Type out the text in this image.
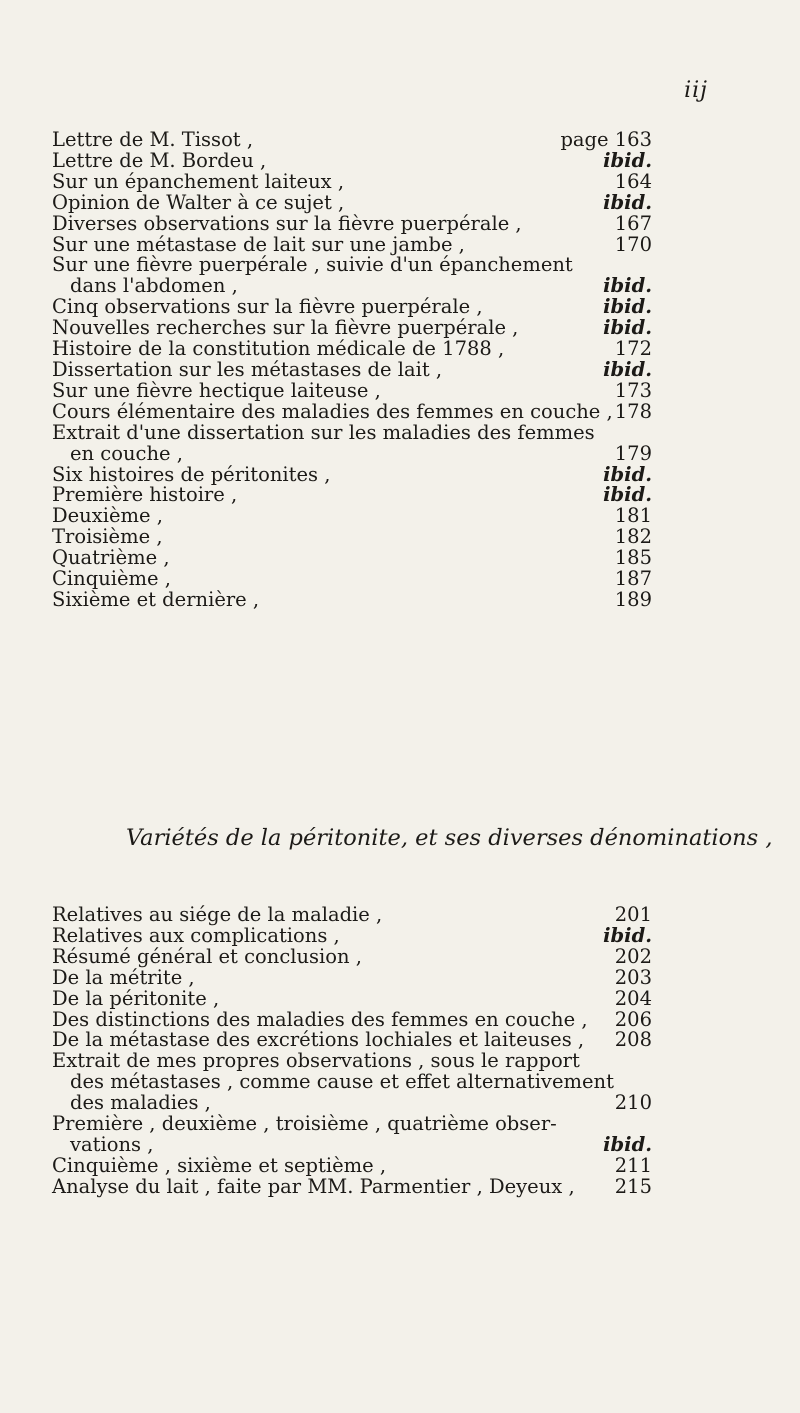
iij
Lettre de M. Tissot ,	page 163
Lettre de M. Bordeu ,	ibid.
Sur un épanchement laiteux ,	164
Opinion de Walter à ce sujet ,	ibid.
Diverses observations sur la fièvre puerpérale ,	167
Sur une métastase de lait sur une jambe ,	170
Sur une fièvre puerpérale , suivie d'un épanchement
dans l'abdomen ,	ibid.
Cinq observations sur la fièvre puerpérale ,	ibid.
Nouvelles recherches sur la fièvre puerpérale ,	ibid.
Histoire de la constitution médicale de 1788 ,	172
Dissertation sur les métastases de lait ,	ibid.
Sur une fièvre hectique laiteuse ,	173
Cours élémentaire des maladies des femmes en couche , 178
Extrait d'une dissertation sur les maladies des femmes
en couche ,	179
Six histoires de péritonites ,	ibid.
Première histoire ,	ibid.
Deuxième ,	181
Troisième ,	182
Quatrième ,	185
Cinquième ,	187
Sixième et dernière ,	189
Variétés de la péritonite, et ses diverses dénominations ,
Relatives au siége de la maladie ,	201
Relatives aux complications ,	ibid.
Résumé général et conclusion ,	202
De la métrite ,	203
De la péritonite ,	204
Des distinctions des maladies des femmes en couche ,	206
De la métastase des excrétions lochiales et laiteuses ,	208
Extrait de mes propres observations , sous le rapport
des métastases , comme cause et effet alternativement
des maladies ,	210
Première , deuxième , troisième , quatrième obser-
vations ,	ibid.
Cinquième , sixième et septième ,	211
Analyse du lait , faite par MM. Parmentier , Deyeux ,	215
